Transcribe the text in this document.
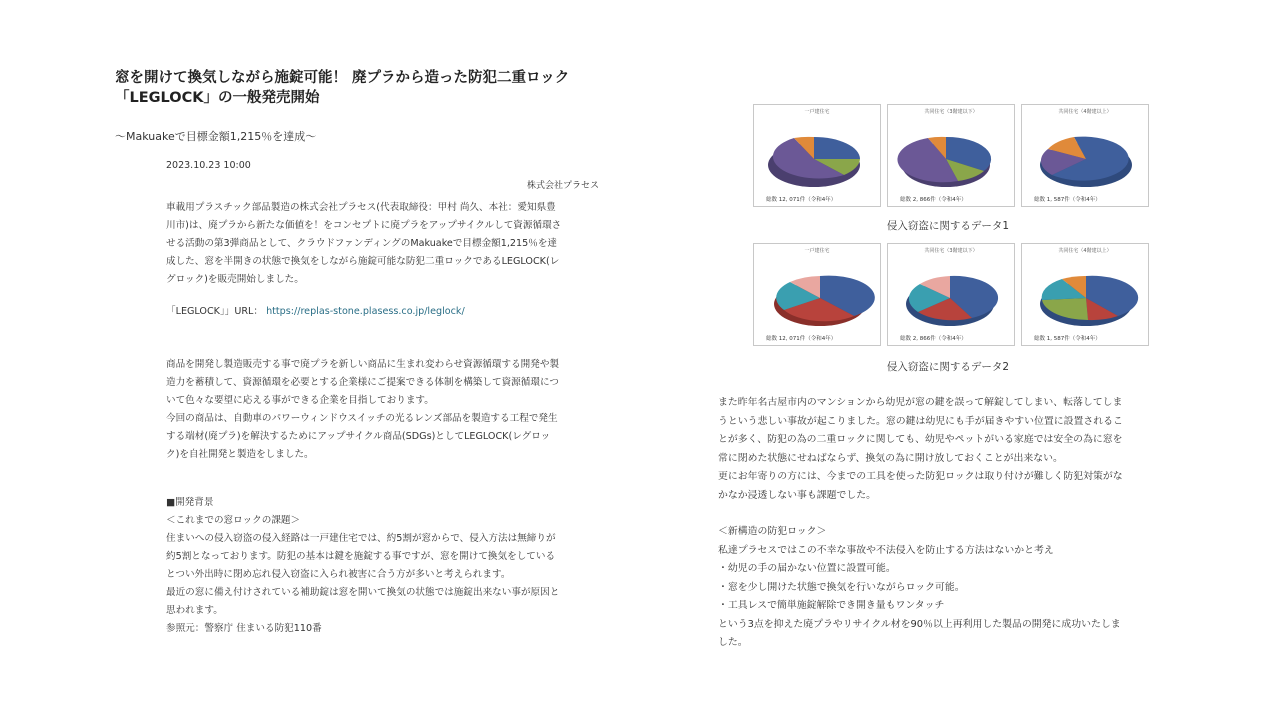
窓を開けて換気しながら施錠可能！ 廃プラから造った防犯二重ロック

「LEGLOCK」の一般発売開始

〜Makuakeで目標金額1,215％を達成〜
2023.10.23 10:00
株式会社プラセス

車載用プラスチック部品製造の株式会社プラセス(代表取締役：甲村 尚久、本社：愛知県豊

川市)は、廃プラから新たな価値を！をコンセプトに廃プラをアップサイクルして資源循環さ

せる活動の第3弾商品として、クラウドファンディングのMakuakeで目標金額1,215％を達

成した、窓を半開きの状態で換気をしながら施錠可能な防犯二重ロックであるLEGLOCK(レ

グロック)を販売開始しました。

「LEGLOCK」」URL： https://replas-stone.plasess.co.jp/leglock/

商品を開発し製造販売する事で廃プラを新しい商品に生まれ変わらせ資源循環する開発や製

造力を蓄積して、資源循環を必要とする企業様にご提案できる体制を構築して資源循環につ

いて色々な要望に応える事ができる企業を目指しております。

今回の商品は、自動車のパワーウィンドウスイッチの光るレンズ部品を製造する工程で発生

する端材(廃プラ)を解決するためにアップサイクル商品(SDGs)としてLEGLOCK(レグロッ

ク)を自社開発と製造をしました。

■開発背景

＜これまでの窓ロックの課題＞

住まいへの侵入窃盗の侵入経路は一戸建住宅では、約5割が窓からで、侵入方法は無締りが

約5割となっております。防犯の基本は鍵を施錠する事ですが、窓を開けて換気をしている

とつい外出時に閉め忘れ侵入窃盗に入られ被害に合う方が多いと考えられます。

最近の窓に備え付けされている補助錠は窓を開いて換気の状態では施錠出来ない事が原因と

思われます。

参照元：警察庁 住まいる防犯110番

一戸建住宅
総数 12, 071件（令和4年）
共同住宅（3階建以下）
総数 2, 866件（令和4年）
共同住宅（4階建以上）
総数 1, 587件（令和4年）
侵入窃盗に関するデータ1
一戸建住宅
総数 12, 071件（令和4年）
共同住宅（3階建以下）
総数 2, 866件（令和4年）
共同住宅（4階建以上）
総数 1, 587件（令和4年）
侵入窃盗に関するデータ2

また昨年名古屋市内のマンションから幼児が窓の鍵を誤って解錠してしまい、転落してしま

うという悲しい事故が起こりました。窓の鍵は幼児にも手が届きやすい位置に設置されるこ

とが多く、防犯の為の二重ロックに関しても、幼児やペットがいる家庭では安全の為に窓を

常に閉めた状態にせねばならず、換気の為に開け放しておくことが出来ない。

更にお年寄りの方には、今までの工具を使った防犯ロックは取り付けが難しく防犯対策がな

かなか浸透しない事も課題でした。

＜新構造の防犯ロック＞

私達プラセスではこの不幸な事故や不法侵入を防止する方法はないかと考え

・幼児の手の届かない位置に設置可能。

・窓を少し開けた状態で換気を行いながらロック可能。

・工具レスで簡単施錠解除でき開き量もワンタッチ

という3点を抑えた廃プラやリサイクル材を90％以上再利用した製品の開発に成功いたしま

した。
